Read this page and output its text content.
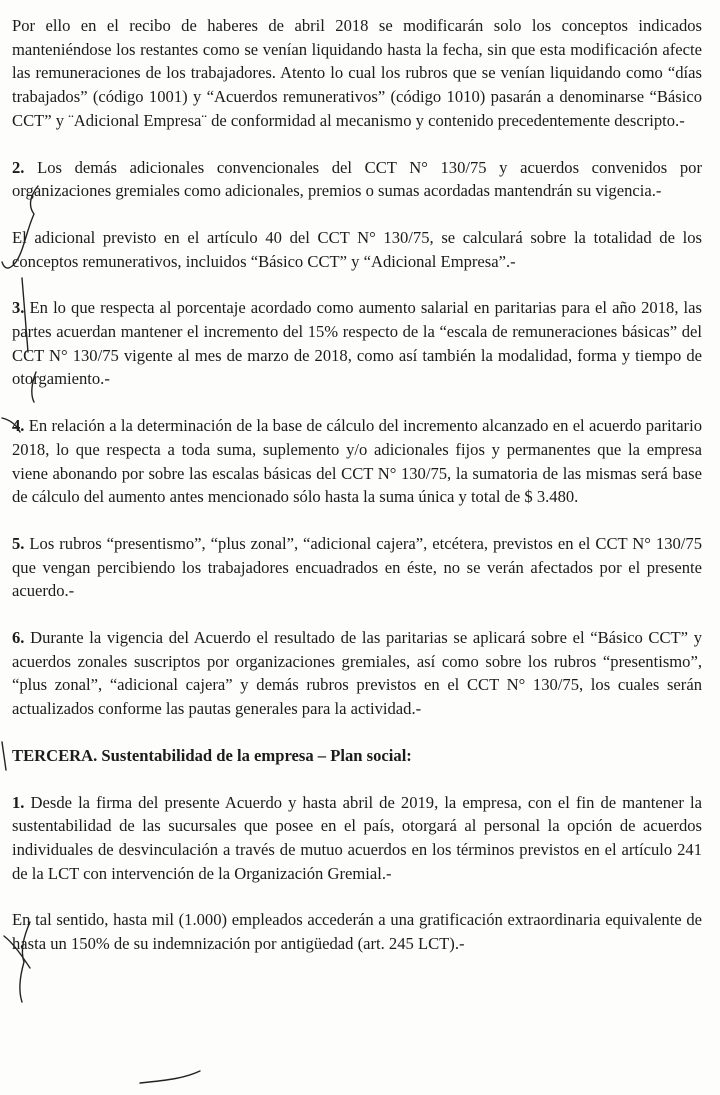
Por ello en el recibo de haberes de abril 2018 se modificarán solo los conceptos indicados manteniéndose los restantes como se venían liquidando hasta la fecha, sin que esta modificación afecte las remuneraciones de los trabajadores. Atento lo cual los rubros que se venían liquidando como “días trabajados” (código 1001) y “Acuerdos remunerativos” (código 1010) pasarán a denominarse “Básico CCT” y ¨Adicional Empresa¨ de conformidad al mecanismo y contenido precedentemente descripto.-

2. Los demás adicionales convencionales del CCT N° 130/75 y acuerdos convenidos por organizaciones gremiales como adicionales, premios o sumas acordadas mantendrán su vigencia.-

El adicional previsto en el artículo 40 del CCT N° 130/75, se calculará sobre la totalidad de los conceptos remunerativos, incluidos “Básico CCT” y “Adicional Empresa”.-

3. En lo que respecta al porcentaje acordado como aumento salarial en paritarias para el año 2018, las partes acuerdan mantener el incremento del 15% respecto de la “escala de remuneraciones básicas” del CCT N° 130/75 vigente al mes de marzo de 2018, como así también la modalidad, forma y tiempo de otorgamiento.-

4. En relación a la determinación de la base de cálculo del incremento alcanzado en el acuerdo paritario 2018, lo que respecta a toda suma, suplemento y/o adicionales fijos y permanentes que la empresa viene abonando por sobre las escalas básicas del CCT N° 130/75, la sumatoria de las mismas será base de cálculo del aumento antes mencionado sólo hasta la suma única y total de $ 3.480.

5. Los rubros “presentismo”, “plus zonal”, “adicional cajera”, etcétera, previstos en el CCT N° 130/75 que vengan percibiendo los trabajadores encuadrados en éste, no se verán afectados por el presente acuerdo.-

6. Durante la vigencia del Acuerdo el resultado de las paritarias se aplicará sobre el “Básico CCT” y acuerdos zonales suscriptos por organizaciones gremiales, así como sobre los rubros “presentismo”, “plus zonal”, “adicional cajera” y demás rubros previstos en el CCT N° 130/75, los cuales serán actualizados conforme las pautas generales para la actividad.-

TERCERA. Sustentabilidad de la empresa – Plan social:

1. Desde la firma del presente Acuerdo y hasta abril de 2019, la empresa, con el fin de mantener la sustentabilidad de las sucursales que posee en el país, otorgará al personal la opción de acuerdos individuales de desvinculación a través de mutuo acuerdos en los términos previstos en el artículo 241 de la LCT con intervención de la Organización Gremial.-

En tal sentido, hasta mil (1.000) empleados accederán a una gratificación extraordinaria equivalente de hasta un 150% de su indemnización por antigüedad (art. 245 LCT).-
